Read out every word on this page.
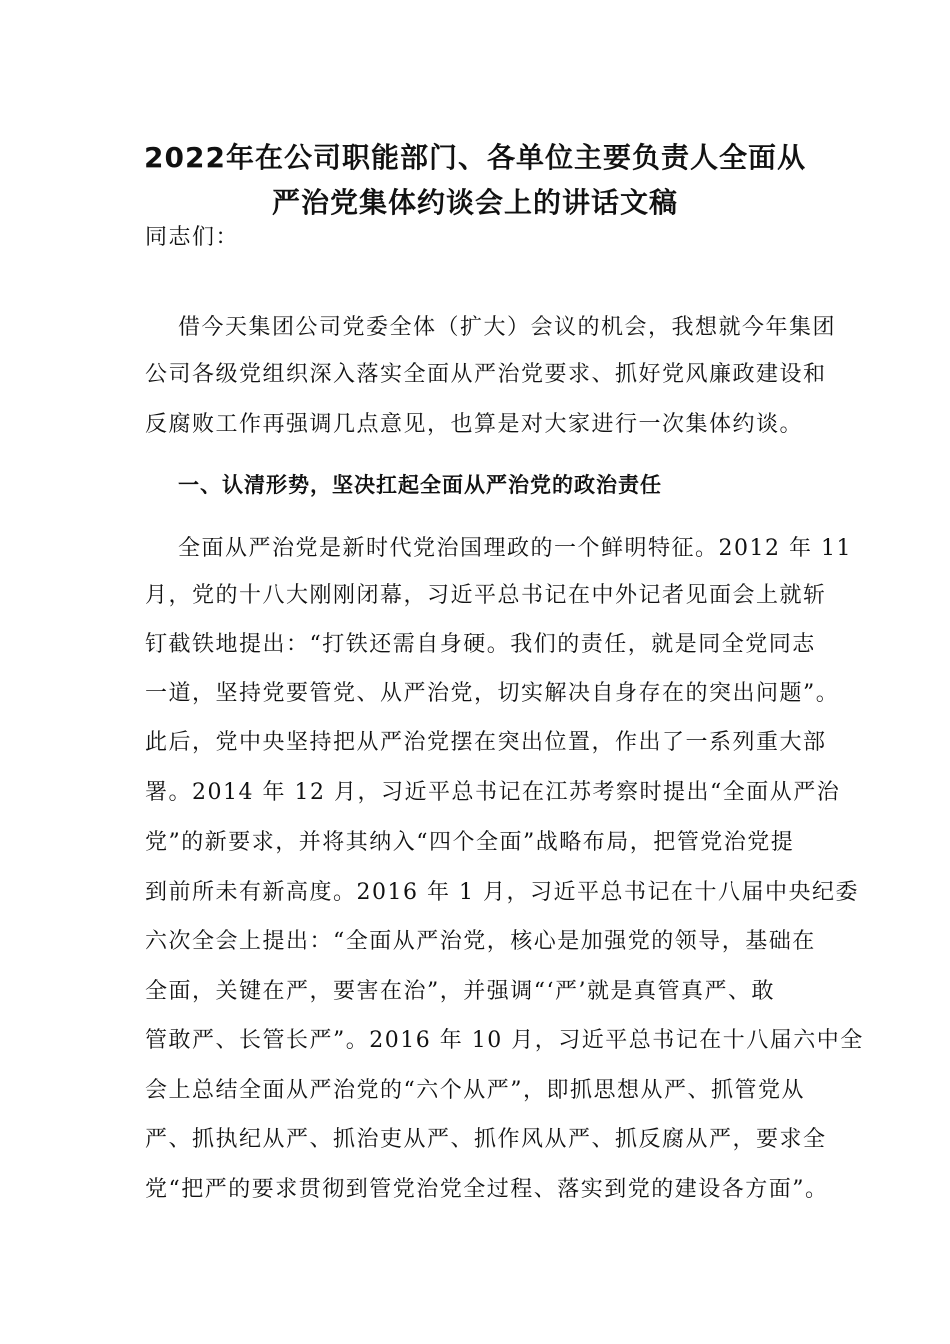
2022年在公司职能部门、各单位主要负责人全面从
严治党集体约谈会上的讲话文稿
同志们：
借今天集团公司党委全体（扩大）会议的机会，我想就今年集团
公司各级党组织深入落实全面从严治党要求、抓好党风廉政建设和
反腐败工作再强调几点意见，也算是对大家进行一次集体约谈。
一、认清形势，坚决扛起全面从严治党的政治责任
全面从严治党是新时代党治国理政的一个鲜明特征。2012 年 11
月，党的十八大刚刚闭幕，习近平总书记在中外记者见面会上就斩
钉截铁地提出：“打铁还需自身硬。我们的责任，就是同全党同志
一道，坚持党要管党、从严治党，切实解决自身存在的突出问题”。
此后，党中央坚持把从严治党摆在突出位置，作出了一系列重大部
署。2014 年 12 月，习近平总书记在江苏考察时提出“全面从严治
党”的新要求，并将其纳入“四个全面”战略布局，把管党治党提
到前所未有新高度。2016 年 1 月，习近平总书记在十八届中央纪委
六次全会上提出：“全面从严治党，核心是加强党的领导，基础在
全面，关键在严，要害在治”，并强调“‘严’就是真管真严、敢
管敢严、长管长严”。2016 年 10 月，习近平总书记在十八届六中全
会上总结全面从严治党的“六个从严”，即抓思想从严、抓管党从
严、抓执纪从严、抓治吏从严、抓作风从严、抓反腐从严，要求全
党“把严的要求贯彻到管党治党全过程、落实到党的建设各方面”。
